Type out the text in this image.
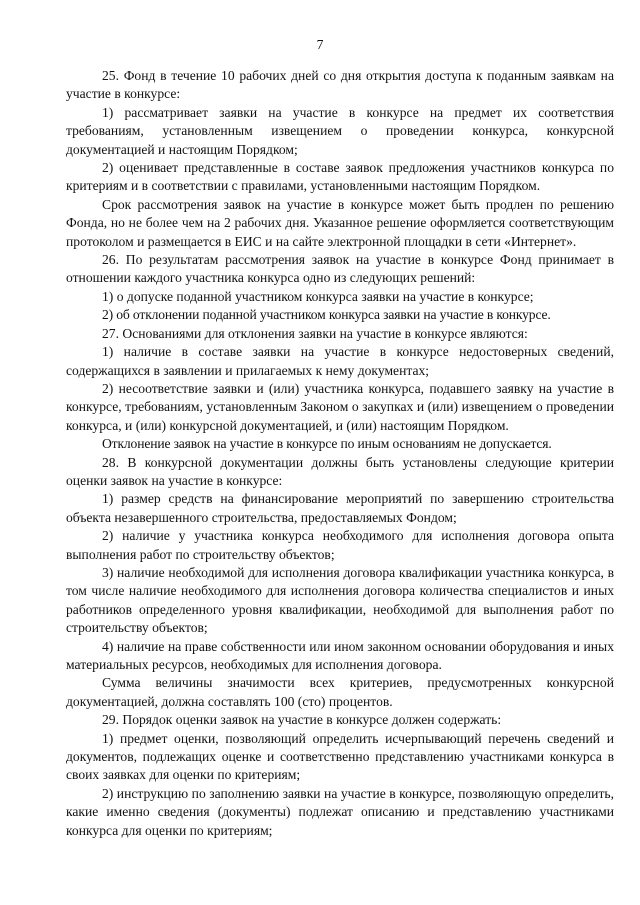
7

25. Фонд в течение 10 рабочих дней со дня открытия доступа к поданным заявкам на участие в конкурсе:

1) рассматривает заявки на участие в конкурсе на предмет их соответствия требованиям, установленным извещением о проведении конкурса, конкурсной документацией и настоящим Порядком;

2) оценивает представленные в составе заявок предложения участников конкурса по критериям и в соответствии с правилами, установленными настоящим Порядком.

Срок рассмотрения заявок на участие в конкурсе может быть продлен по решению Фонда, но не более чем на 2 рабочих дня. Указанное решение оформляется соответствующим протоколом и размещается в ЕИС и на сайте электронной площадки в сети «Интернет».

26. По результатам рассмотрения заявок на участие в конкурсе Фонд принимает в отношении каждого участника конкурса одно из следующих решений:

1) о допуске поданной участником конкурса заявки на участие в конкурсе;

2) об отклонении поданной участником конкурса заявки на участие в конкурсе.

27. Основаниями для отклонения заявки на участие в конкурсе являются:

1) наличие в составе заявки на участие в конкурсе недостоверных сведений, содержащихся в заявлении и прилагаемых к нему документах;

2) несоответствие заявки и (или) участника конкурса, подавшего заявку на участие в конкурсе, требованиям, установленным Законом о закупках и (или) извещением о проведении конкурса, и (или) конкурсной документацией, и (или) настоящим Порядком.

Отклонение заявок на участие в конкурсе по иным основаниям не допускается.

28. В конкурсной документации должны быть установлены следующие критерии оценки заявок на участие в конкурсе:

1) размер средств на финансирование мероприятий по завершению строительства объекта незавершенного строительства, предоставляемых Фондом;

2) наличие у участника конкурса необходимого для исполнения договора опыта выполнения работ по строительству объектов;

3) наличие необходимой для исполнения договора квалификации участника конкурса, в том числе наличие необходимого для исполнения договора количества специалистов и иных работников определенного уровня квалификации, необходимой для выполнения работ по строительству объектов;

4) наличие на праве собственности или ином законном основании оборудования и иных материальных ресурсов, необходимых для исполнения договора.

Сумма величины значимости всех критериев, предусмотренных конкурсной документацией, должна составлять 100 (сто) процентов.

29. Порядок оценки заявок на участие в конкурсе должен содержать:

1) предмет оценки, позволяющий определить исчерпывающий перечень сведений и документов, подлежащих оценке и соответственно представлению участниками конкурса в своих заявках для оценки по критериям;

2) инструкцию по заполнению заявки на участие в конкурсе, позволяющую определить, какие именно сведения (документы) подлежат описанию и представлению участниками конкурса для оценки по критериям;
